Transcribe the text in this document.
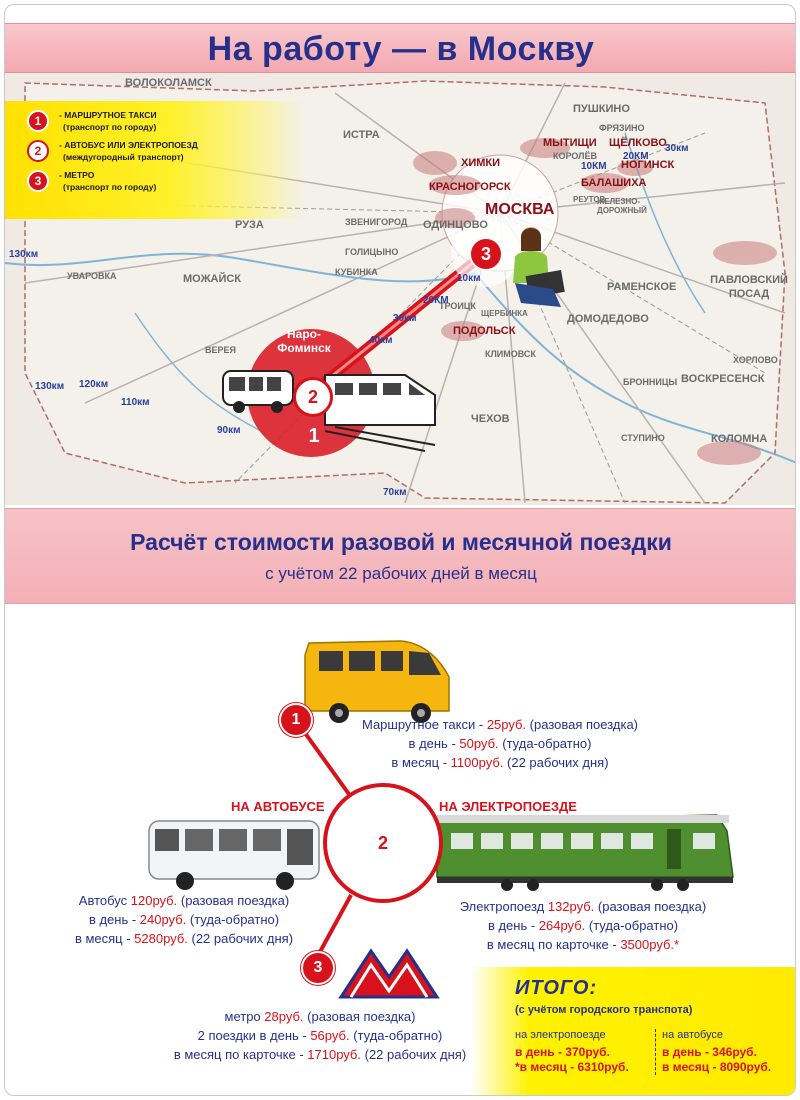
На работу — в Москву
1	- МАРШРУТНОЕ ТАКСИ
(транспорт по городу)
2	- АВТОБУС ИЛИ ЭЛЕКТРОПОЕЗД
(междугородный транспорт)
3	- МЕТРО
(транспорт по городу)
ВОЛОКОЛАМСК
ИСТРА
ПУШКИНО
ФРЯЗИНО
МЫТИЩИ ЩЁЛКОВО
КОРОЛЁВ
ХИМКИ	НОГИНСК
КРАСНОГОРСК	БАЛАШИХА
МОСКВА
РЕУТОВ
ЖЕЛЕЗНО-ДОРОЖНЫЙ
ОДИНЦОВО
РУЗА
ПАВЛОВСКИЙ ПОСАД
ЗВЕНИГОРОД
ГОЛИЦЫНО
КУБИНКА
МОЖАЙСК
УВАРОВКА
РАМЕНСКОЕ
ТРОИЦК
ЩЕРБИНКА
ПОДОЛЬСК
ДОМОДЕДОВО
ВЕРЕЯ	КЛИМОВСК
ВОСКРЕСЕНСК
ХОРЛОВО
ЧЕХОВ
СТУПИНО	КОЛОМНА
БРОННИЦЫ
Наро-Фоминск
10км
20КМ
30км
40км
10КМ
20КМ
30км
130км
130км 120км
110км
90км
70км
2
1
3
Расчёт стоимости разовой и месячной поездки

с учётом 22 рабочих дней в месяц

2
1
3
НА АВТОБУСЕ	НА ЭЛЕКТРОПОЕЗДЕ
Маршрутное такси - 25руб. (разовая поездка)
в день - 50руб. (туда-обратно)
в месяц - 1100руб. (22 рабочих дня)
Автобус 120руб. (разовая поездка)
в день - 240руб. (туда-обратно)
в месяц - 5280руб. (22 рабочих дня)
Электропоезд 132руб. (разовая поездка)
в день - 264руб. (туда-обратно)
в месяц по карточке - 3500руб.*
метро 28руб. (разовая поездка)
2 поездки в день - 56руб. (туда-обратно)
в месяц по карточке - 1710руб. (22 рабочих дня)
ИТОГО:
(с учётом городского транспота)
на электропоезде
в день - 370руб.
*в месяц - 6310руб.
на автобусе
в день - 346руб.
в месяц - 8090руб.
